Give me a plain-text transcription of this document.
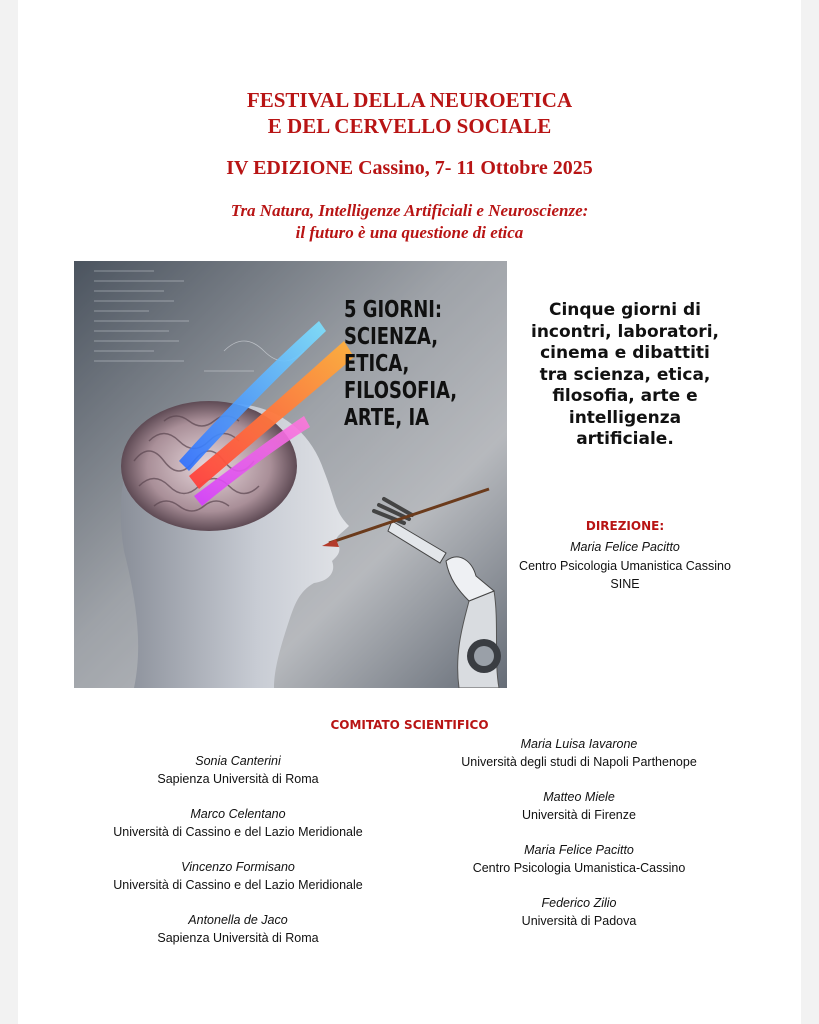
FESTIVAL DELLA NEUROETICA
E DEL CERVELLO SOCIALE
IV EDIZIONE Cassino, 7- 11 Ottobre 2025
Tra Natura, Intelligenze Artificiali e Neuroscienze:
il futuro è una questione di etica
5 GIORNI:
SCIENZA,
ETICA,
FILOSOFIA,
ARTE, IA
Cinque giorni di
incontri, laboratori,
cinema e dibattiti
tra scienza, etica,
filosofia, arte e
intelligenza
artificiale.
DIREZIONE:
Maria Felice Pacitto
Centro Psicologia Umanistica Cassino
SINE
COMITATO SCIENTIFICO
Sonia Canterini
Sapienza Università di Roma
Marco Celentano
Università di Cassino e del Lazio Meridionale
Vincenzo Formisano
Università di Cassino e del Lazio Meridionale
Antonella de Jaco
Sapienza Università di Roma
Maria Luisa Iavarone
Università degli studi di Napoli Parthenope
Matteo Miele
Università di Firenze
Maria Felice Pacitto
Centro Psicologia Umanistica-Cassino
Federico Zilio
Università di Padova
